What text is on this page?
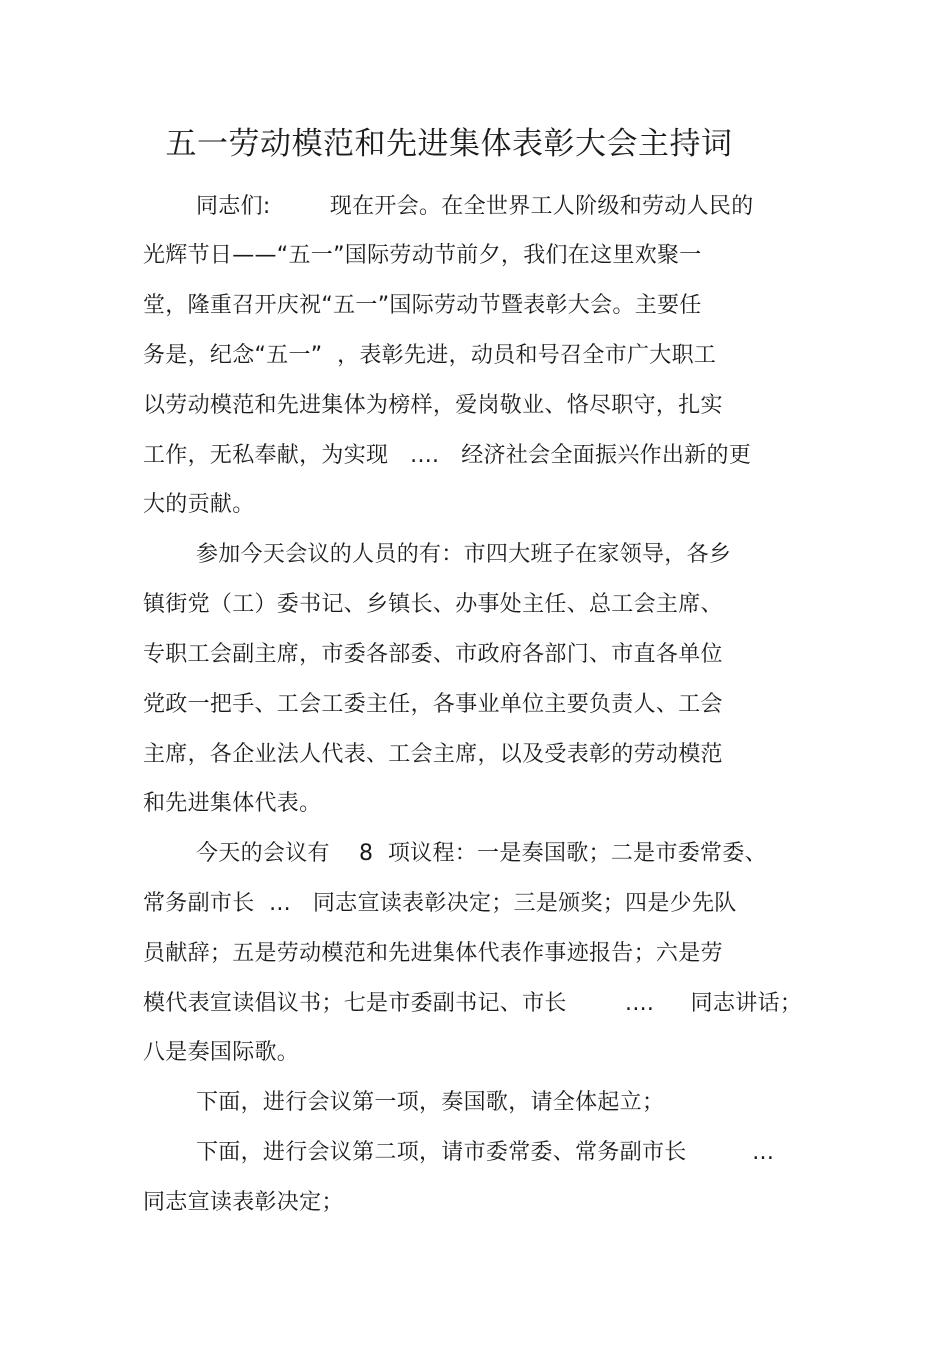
五一劳动模范和先进集体表彰大会主持词
同志们:　　  现在开会。在全世界工人阶级和劳动人民的
光辉节日——“五一”国际劳动节前夕，我们在这里欢聚一
堂，隆重召开庆祝“五一”国际劳动节暨表彰大会。主要任
务是，纪念“五一”  ，表彰先进，动员和号召全市广大职工
以劳动模范和先进集体为榜样，爱岗敬业、恪尽职守，扎实
工作，无私奉献，为实现   ....   经济社会全面振兴作出新的更
大的贡献。
参加今天会议的人员的有：市四大班子在家领导，各乡
镇街党（工）委书记、乡镇长、办事处主任、总工会主席、
专职工会副主席，市委各部委、市政府各部门、市直各单位
党政一把手、工会工委主任，各事业单位主要负责人、工会
主席，各企业法人代表、工会主席，以及受表彰的劳动模范
和先进集体代表。
今天的会议有    8  项议程：一是奏国歌；二是市委常委、
常务副市长  ...   同志宣读表彰决定；三是颁奖；四是少先队
员献辞；五是劳动模范和先进集体代表作事迹报告；六是劳
模代表宣读倡议书；七是市委副书记、市长        ....     同志讲话；
八是奏国际歌。
下面，进行会议第一项，奏国歌，请全体起立；
下面，进行会议第二项，请市委常委、常务副市长         ...
同志宣读表彰决定；
